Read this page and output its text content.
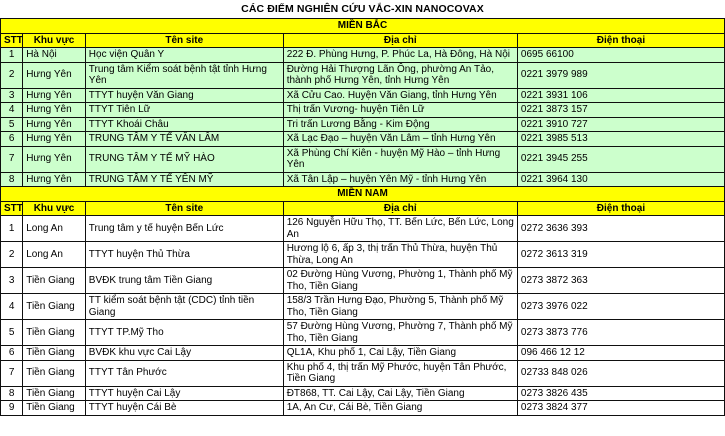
CÁC ĐIỂM NGHIÊN CỨU VẮC-XIN NANOCOVAX
MIỀN BẮC				
STT	Khu vực	Tên site	Địa chỉ	Điện thoại
1	Hà Nội	Học viện Quân Y	222 Đ. Phùng Hưng, P. Phúc La, Hà Đông, Hà Nội	0695 66100
2	Hưng Yên	Trung tâm Kiểm soát bệnh tật tỉnh Hưng Yên	Đường Hải Thượng Lãn Ông, phường An Tảo, thành phố Hưng Yên, tỉnh Hưng Yên	0221 3979 989
3	Hưng Yên	TTYT huyện Văn Giang	Xã Cửu Cao. Huyện Văn Giang, tỉnh Hưng Yên	0221 3931 106
4	Hưng Yên	TTYT Tiên Lữ	Thị trấn Vương- huyện Tiên Lữ	0221 3873 157
5	Hưng Yên	TTYT Khoái Châu	Tri trấn Lương Bằng - Kim Động	0221 3910 727
6	Hưng Yên	TRUNG TÂM Y TẾ VĂN LÂM	Xã Lạc Đạo – huyện Văn Lâm – tỉnh Hưng Yên	0221 3985 513
7	Hưng Yên	TRUNG TÂM Y TẾ MỸ HÀO	Xã Phùng Chí Kiên - huyện Mỹ Hào – tỉnh Hưng Yên	0221 3945 255
8	Hưng Yên	TRUNG TÂM Y TẾ YÊN MỸ	Xã Tân Lập – huyện Yên Mỹ - tỉnh Hưng Yên	0221 3964 130
MIỀN NAM				
STT	Khu vực	Tên site	Địa chỉ	Điện thoại
1	Long An	Trung tâm y tế huyện Bến Lức	126 Nguyễn Hữu Thọ, TT. Bến Lức, Bến Lức, Long An	0272 3636 393
2	Long An	TTYT huyện Thủ Thừa	Hương lộ 6, ấp 3, thị trấn Thủ Thừa, huyện Thủ Thừa, Long An	0272 3613 319
3	Tiền Giang	BVĐK trung tâm Tiền Giang	02 Đường Hùng Vương, Phường 1, Thành phố Mỹ Tho, Tiền Giang	0273 3872 363
4	Tiền Giang	TT kiểm soát bệnh tật (CDC) tỉnh tiền Giang	158/3 Trần Hưng Đạo, Phường 5, Thành phố Mỹ Tho, Tiền Giang	0273 3976 022
5	Tiền Giang	TTYT TP.Mỹ Tho	57 Đường Hùng Vương, Phường 7, Thành phố Mỹ Tho, Tiền Giang	0273 3873 776
6	Tiền Giang	BVĐK khu vực Cai Lậy	QL1A, Khu phố 1, Cai Lậy, Tiền Giang	096 466 12 12
7	Tiền Giang	TTYT Tân Phước	Khu phố 4, thị trấn Mỹ Phước, huyện Tân Phước, Tiền Giang	02733 848 026
8	Tiền Giang	TTYT huyện Cai Lậy	ĐT868, TT. Cai Lậy, Cai Lậy, Tiền Giang	0273 3826 435
9	Tiền Giang	TTYT huyện Cái Bè	1A, An Cư, Cái Bè, Tiền Giang	0273 3824 377
